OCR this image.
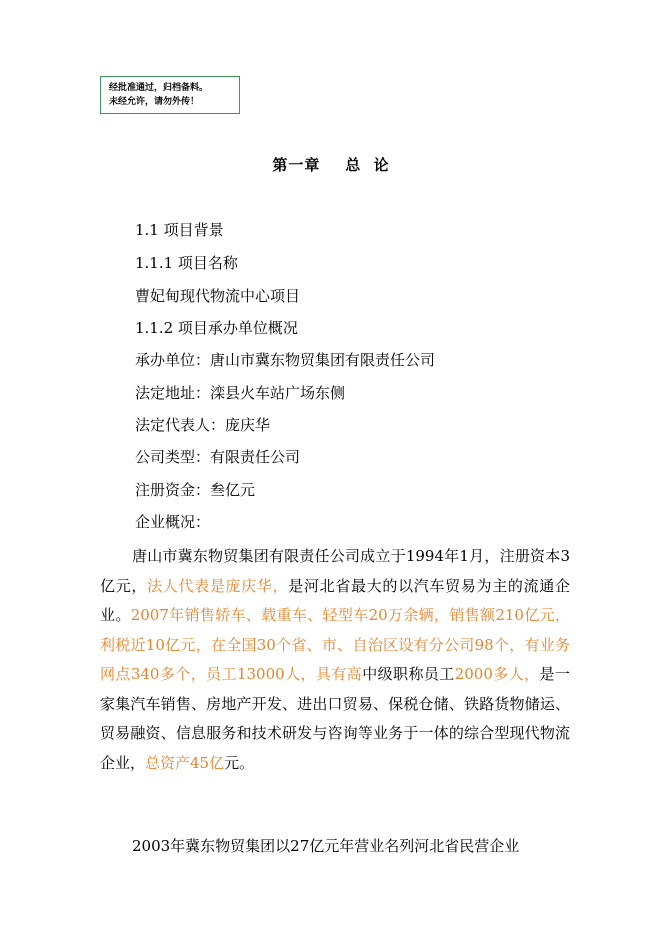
经批准通过，归档备料。
未经允许，请勿外传！
第一章    总  论
1.1 项目背景
1.1.1 项目名称
曹妃甸现代物流中心项目
1.1.2 项目承办单位概况
承办单位：唐山市冀东物贸集团有限责任公司
法定地址：滦县火车站广场东侧
法定代表人：庞庆华
公司类型：有限责任公司
注册资金：叁亿元
企业概况：
唐山市冀东物贸集团有限责任公司成立于1994年1月，注册资本3亿元，法人代表是庞庆华，是河北省最大的以汽车贸易为主的流通企业。2007年销售轿车、载重车、轻型车20万余辆，销售额210亿元，利税近10亿元，在全国30个省、市、自治区设有分公司98个，有业务网点340多个，员工13000人，具有高中级职称员工2000多人，是一家集汽车销售、房地产开发、进出口贸易、保税仓储、铁路货物储运、贸易融资、信息服务和技术研发与咨询等业务于一体的综合型现代物流企业，总资产45亿元。
2003年冀东物贸集团以27亿元年营业名列河北省民营企业
